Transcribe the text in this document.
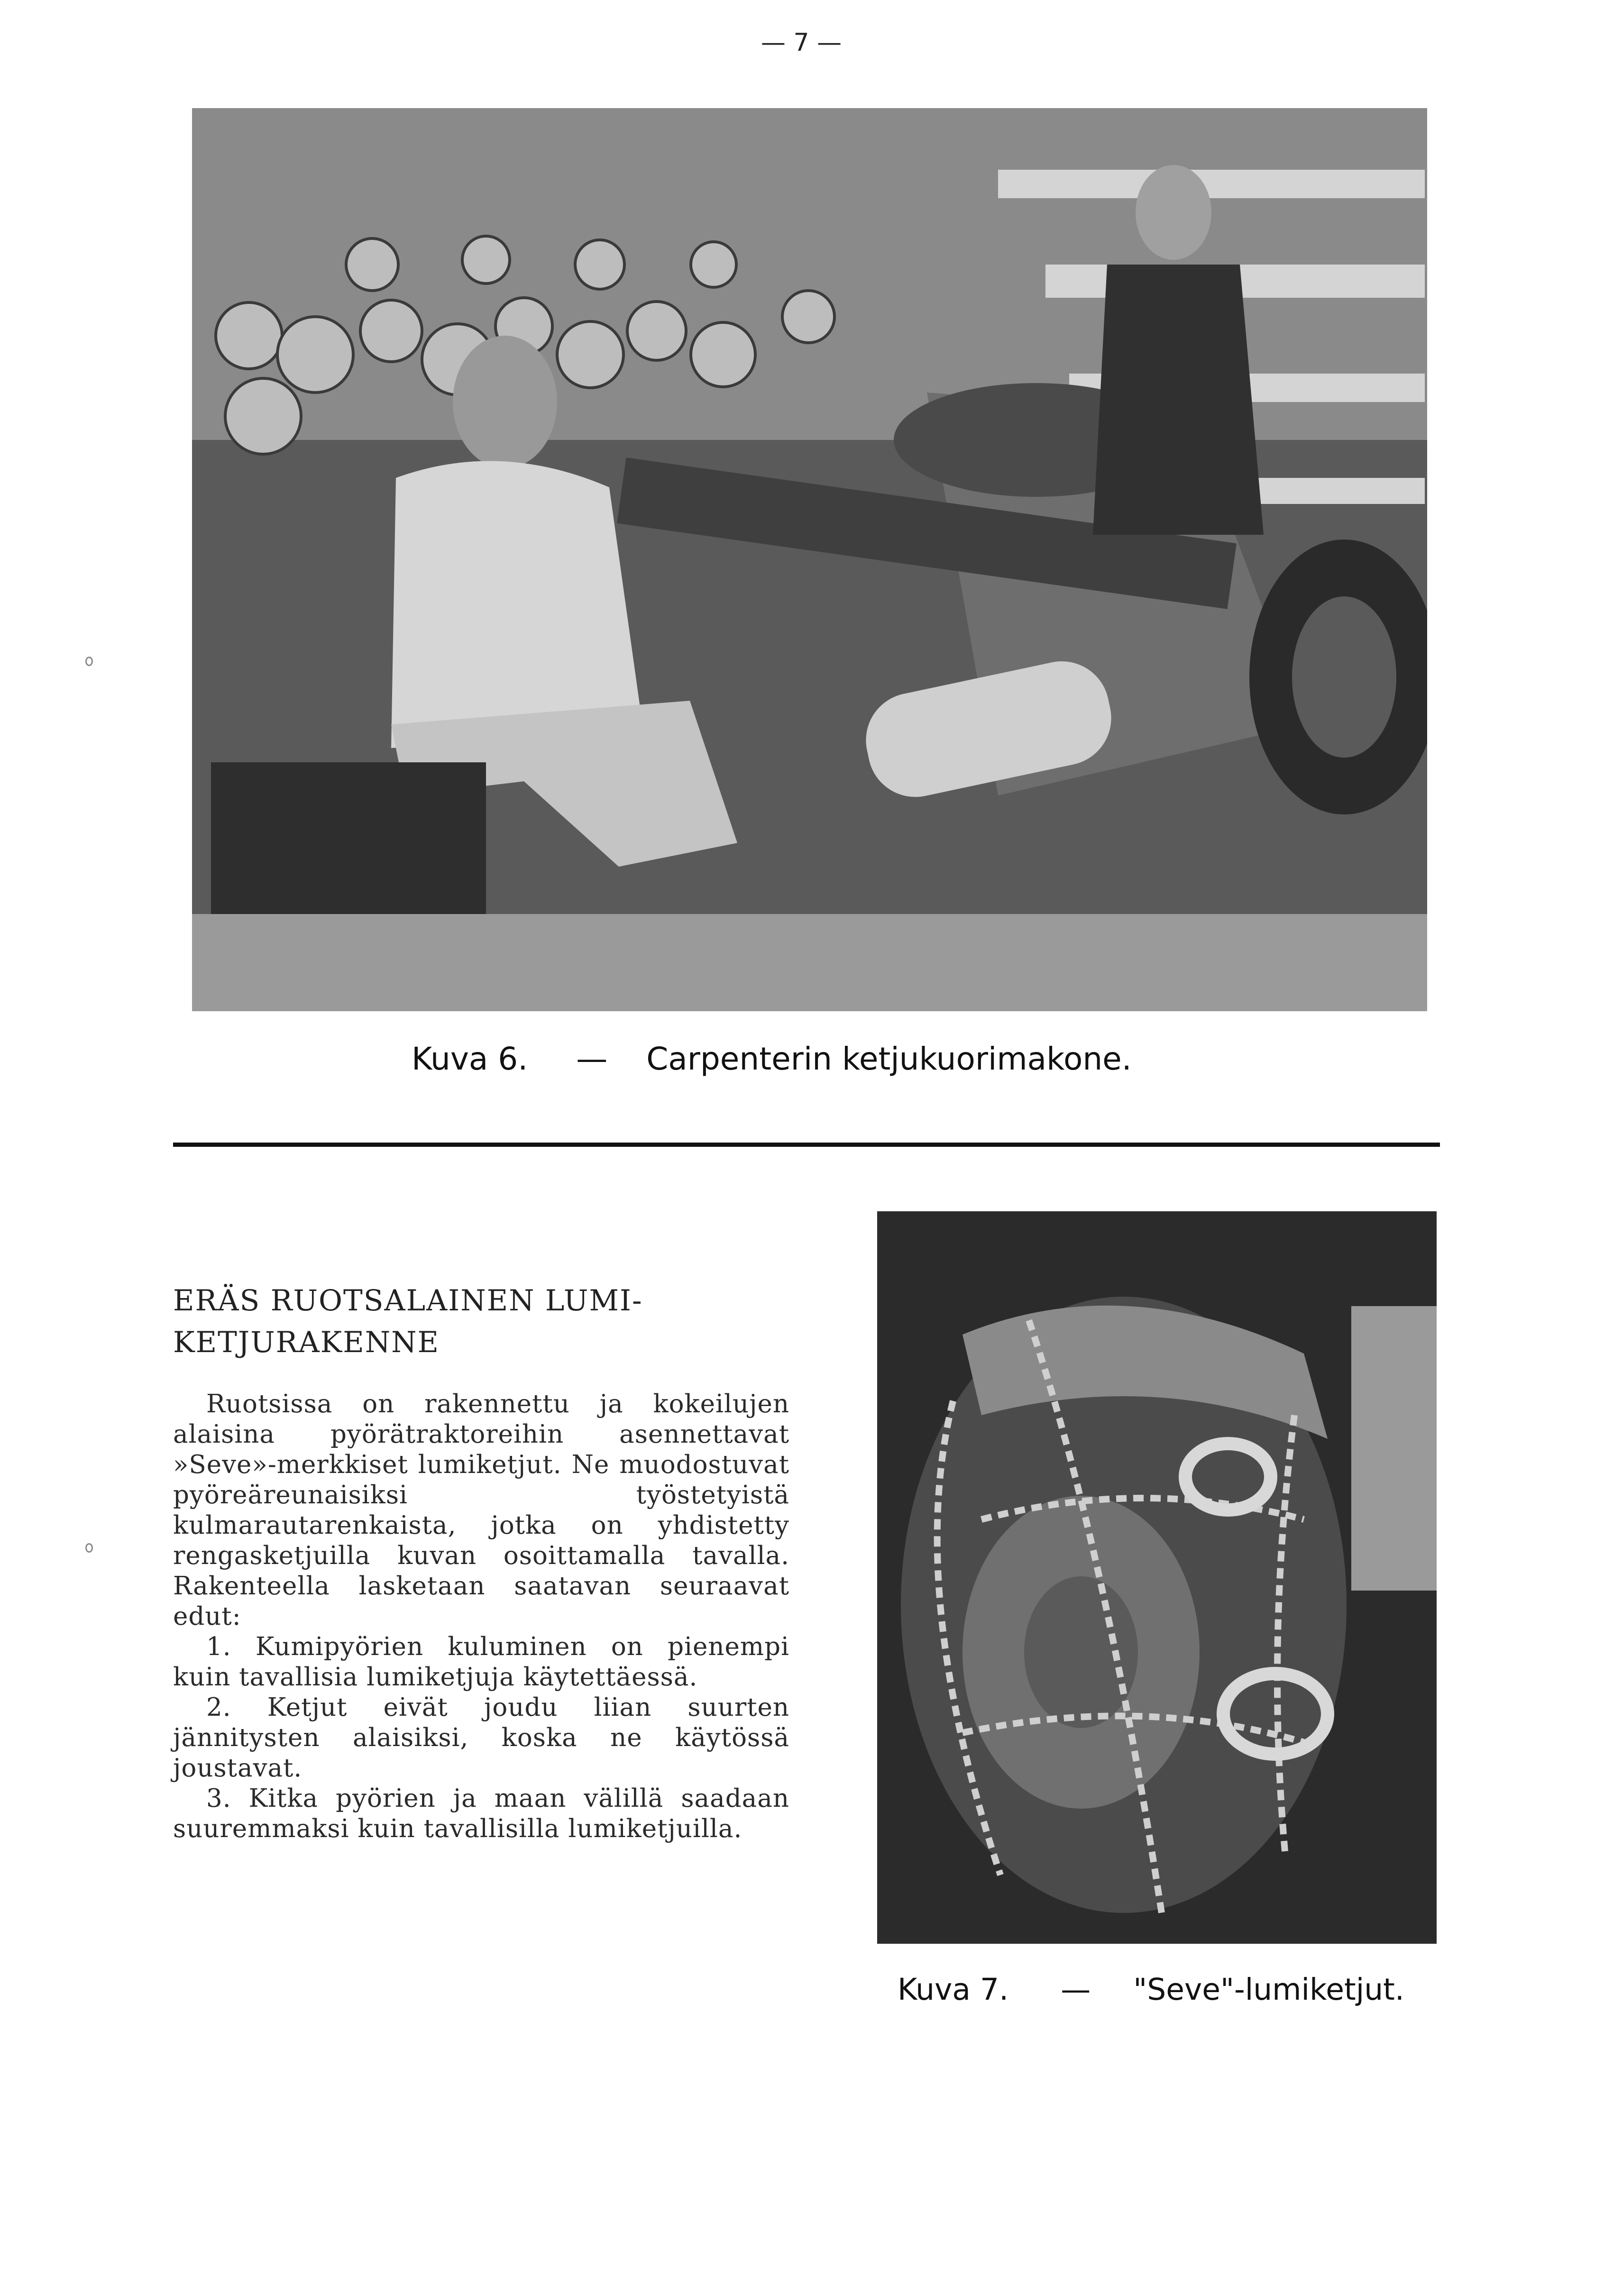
— 7 —
Kuva 6. — Carpenterin ketjukuorimakone.
ERÄS RUOTSALAINEN LUMI-
KETJURAKENNE

Ruotsissa on rakennettu ja kokeilujen alaisina pyörätraktoreihin asennettavat »Seve»-merkkiset lumiketjut. Ne muodostuvat pyöreäreunaisiksi työstetyistä kulmarautarenkaista, jotka on yhdistetty rengasketjuilla kuvan osoittamalla tavalla. Rakenteella lasketaan saatavan seuraavat edut:

1. Kumipyörien kuluminen on pienempi kuin tavallisia lumiketjuja käytettäessä.

2. Ketjut eivät joudu liian suurten jännitysten alaisiksi, koska ne käytössä joustavat.

3. Kitka pyörien ja maan välillä saadaan suuremmaksi kuin tavallisilla lumiketjuilla.

Kuva 7. — "Seve"-lumiketjut.
